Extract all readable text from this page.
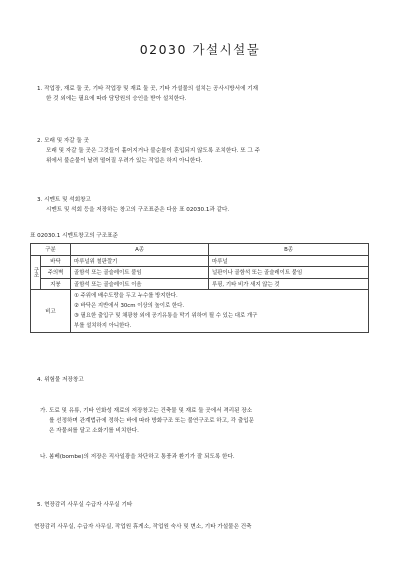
02030 가설시설물
1. 작업장, 재료 둘 곳, 기타 작업장 및 재료 둘 곳, 기타 가설물의 설치는 공사시방서에 기재
한 것 외에는 필요에 따라 담당원의 승인을 받아 설치한다.
2. 모래 및 자갈 둘 곳
모래 및 자갈 둘 곳은 그것들이 흩어지거나 불순물이 혼입되지 않도록 조치한다. 또 그 주
위에서 불순물이 날려 떨어질 우려가 있는 작업은 하지 아니한다.
3. 시멘트 및 석회창고
시멘트 및 석회 등을 저장하는 창고의 구조표준은 다음 표 02030.1과 같다.
표 02030.1 시멘트창고의 구조표준
구분		A종	B종
구조	바닥	마루널위 철판깔기	마루널
	주의벽	골함석 또는 골슬레이트 붙임	널판이나 골함석 또는 골슬레이트 붙임
	지붕	골함석 또는 골슬레이트 이음	루핑, 기타 비가 새지 않는 것
비고		① 주위에 배수도랑을 두고 누수를 방지한다.
② 바닥은 지반에서 30cm 이상의 높이로 한다.
③ 필요한 출입구 및 채광창 외에 공기유통을 막기 위하여 될 수 있는 대로 개구
부를 설치하지 아니한다.	
4. 위험물 저장창고
가. 도료 및 유류, 기타 인화성 재료의 저장창고는 건축물 및 재료 둘 곳에서 격리된 장소
를 선정하며 관계법규에 정하는 바에 따라 방화구조 또는 불연구조로 하고, 각 출입문
은 자물쇠를 달고 소화기를 비치한다.
나. 봄베(bombe)의 저장은 직사일광을 차단하고 통풍과 환기가 잘 되도록 한다.
5. 현장감리 사무실 수급자 사무실 기타
현장감리 사무실, 수급자 사무실, 작업원 휴게소, 작업원 숙사 및 변소, 기타 가설물은 건축
